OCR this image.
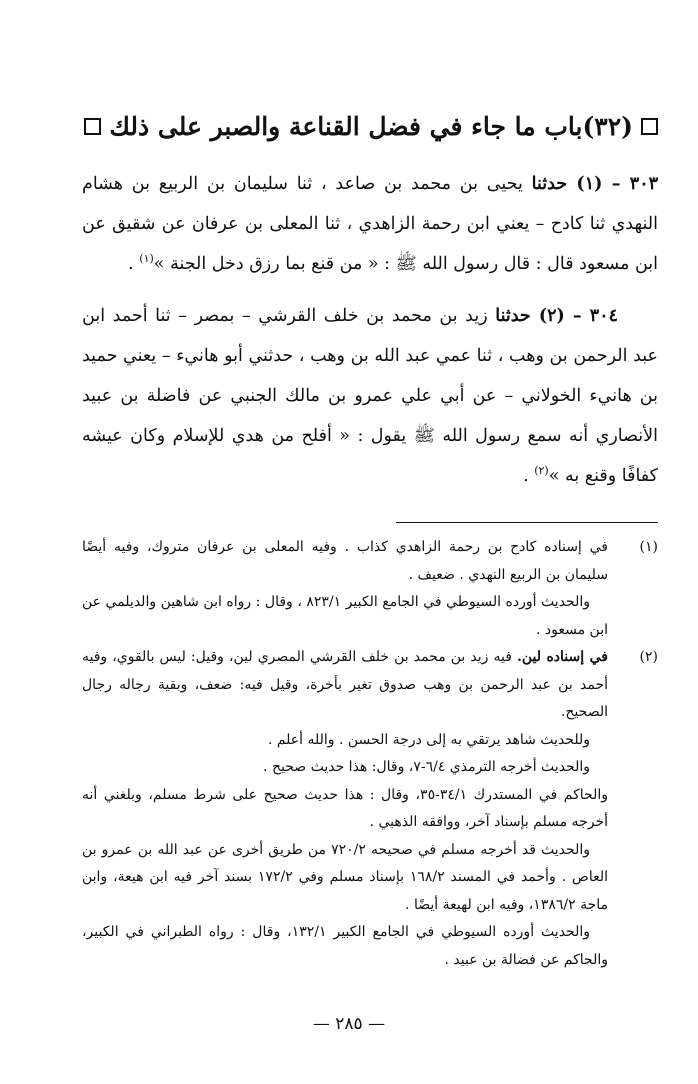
(٣٢)باب ما جاء في فضل القناعة والصبر على ذلك

٣٠٣ – (١) حدثنا يحيى بن محمد بن صاعد ، ثنا سليمان بن الربيع بن هشام النهدي ثنا كادح – يعني ابن رحمة الزاهدي ، ثنا المعلى بن عرفان عن شقيق عن ابن مسعود قال : قال رسول الله ﷺ : « من قنع بما رزق دخل الجنة »$^{(١)}$ .

٣٠٤ – (٢) حدثنا زيد بن محمد بن خلف القرشي – بمصر – ثنا أحمد ابن عبد الرحمن بن وهب ، ثنا عمي عبد الله بن وهب ، حدثني أبو هانيء – يعني حميد بن هانيء الخولاني – عن أبي علي عمرو بن مالك الجنبي عن فاضلة بن عبيد الأنصاري أنه سمع رسول الله ﷺ يقول : « أفلح من هدي للإسلام وكان عيشه كفافًا وقنع به »$^{(٢)}$ .

(١)

في إسناده كادح بن رحمة الزاهدي كذاب . وفيه المعلى بن عرفان متروك، وفيه أيضًا سليمان بن الربيع النهدي . ضعيف .

والحديث أورده السيوطي في الجامع الكبير ٨٢٣/١ ، وقال : رواه ابن شاهين والديلمي عن ابن مسعود .

(٢)

في إسناده لين. فيه زيد بن محمد بن خلف القرشي المصري لين، وقيل: ليس بالقوي، وفيه أحمد بن عبد الرحمن بن وهب صدوق تغير بأخرة، وقيل فيه: ضعف، وبقية رجاله رجال الصحيح.

وللحديث شاهد يرتقي به إلى درجة الحسن . والله أعلم .

والحديث أخرجه الترمذي ٦/٤-٧، وقال: هذا حديث صحيح .

والحاكم في المستدرك ٣٤/١-٣٥، وقال : هذا حديث صحيح على شرط مسلم، وبلغني أنه أخرجه مسلم بإسناد آخر، ووافقه الذهبي .

والحديث قد أخرجه مسلم في صحيحه ٧٢٠/٢ من طريق أخرى عن عبد الله بن عمرو بن العاص . وأحمد في المسند ١٦٨/٢ بإسناد مسلم وفي ١٧٢/٢ بسند آخر فيه ابن هيعة، وابن ماجة ١٣٨٦/٢، وفيه ابن لهيعة أيضًا .

والحديث أورده السيوطي في الجامع الكبير ١٣٢/١، وقال : رواه الطبراني في الكبير، والحاكم عن فضالة بن عبيد .

— ٢٨٥ —
